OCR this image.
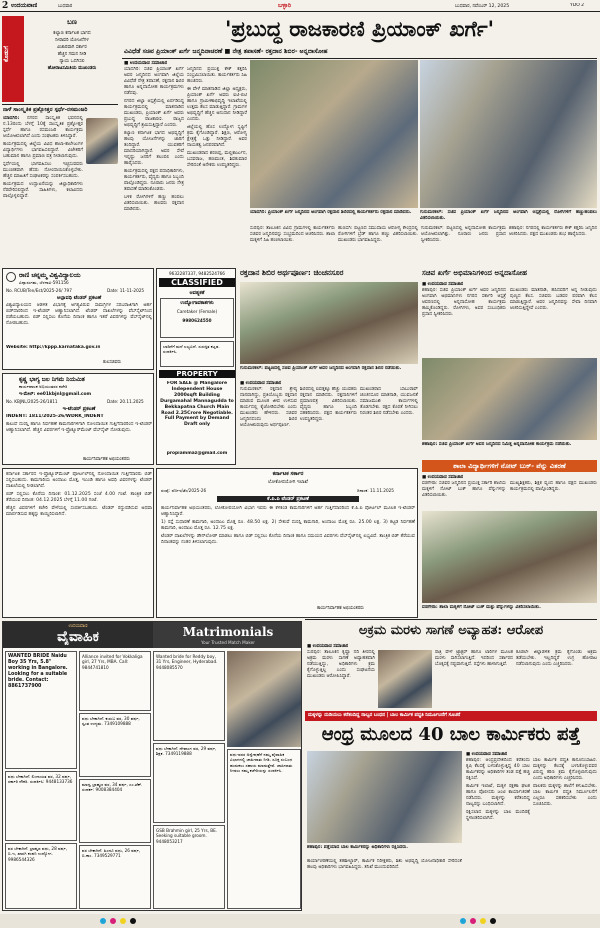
2 ಉದಯವಾಣಿ	ಬುಧವಾರ	ಬಳ್ಳಾರಿ	ಬುಧವಾರ, ನವೆಂಬರ್ 12, 2025	YDO 2
ಕೊಡುಗೆ
ಬಣ
ಕಲ್ಯಾಣ ಕರ್ನಾಟಕ ಭಾಗದ
ನೀರಾವರಿ ಯೋಜನೆಗಳ
ವಿಚಾರವಾಗಿ ಸರ್ಕಾರ
ಹೆಚ್ಚಿನ ಗಮನ ನೀಡಿ
ನ್ಯಾಯ ಒದಗಿಸಲಿ
ಹೋರಾಟಸಮಿತಿಯ ಮುಖಂಡರು
'ಪ್ರಬುದ್ಧ ರಾಜಕಾರಣಿ ಪ್ರಿಯಾಂಕ್ ಖರ್ಗೆ'
ವಿವಿಧೆಡೆ ಸಚಿವ ಪ್ರಿಯಾಂಕ್ ಖರ್ಗೆ ಜನ್ಮದಿನಾಚರಣೆ ■ ನೇತ್ರ ತಪಾಸಣೆ- ರಕ್ತದಾನ ಶಿಬಿರ- ಅನ್ನದಾಸೋಹ
■ ಉದಯವಾಣಿ ಸಮಾಚಾರ

ಯಾದಗಿರಿ: ಸಚಿವ ಪ್ರಿಯಾಂಕ್ ಖರ್ಗೆ ಅವರ ಜನ್ಮದಿನದ ಅಂಗವಾಗಿ ಜಿಲ್ಲೆಯ ವಿವಿಧೆಡೆ ನೇತ್ರ ತಪಾಸಣೆ, ರಕ್ತದಾನ ಶಿಬಿರ ಹಾಗೂ ಅನ್ನದಾಸೋಹ ಕಾರ್ಯಕ್ರಮಗಳು ನಡೆದವು.

ನಗರದ ಜಿಲ್ಲಾ ಆಸ್ಪತ್ರೆಯಲ್ಲಿ ಏರ್ಪಡಿಸಿದ್ದ ಕಾರ್ಯಕ್ರಮದಲ್ಲಿ ಮಾತನಾಡಿದ ಮುಖಂಡರು, ಪ್ರಿಯಾಂಕ್ ಖರ್ಗೆ ಅವರು ಪ್ರಬುದ್ಧ ರಾಜಕಾರಣಿ. ರಾಜ್ಯದ ಅಭಿವೃದ್ಧಿಗೆ ಶ್ರಮಿಸುತ್ತಿದ್ದಾರೆ ಎಂದರು.

ಕಲ್ಯಾಣ ಕರ್ನಾಟಕ ಭಾಗದ ಅಭಿವೃದ್ಧಿಗೆ ಹಲವು ಯೋಜನೆಗಳನ್ನು ಜಾರಿಗೆ ತಂದಿದ್ದಾರೆ. ಯುವಕರಿಗೆ ಮಾದರಿಯಾಗಿದ್ದಾರೆ. ಅವರ ಸೇವೆ ಇನ್ನಷ್ಟು ಜನರಿಗೆ ತಲುಪಲಿ ಎಂದು ಹಾರೈಸಿದರು.

ಕಾರ್ಯಕ್ರಮದಲ್ಲಿ ಪಕ್ಷದ ಪದಾಧಿಕಾರಿಗಳು, ಕಾರ್ಯಕರ್ತರು, ವೈದ್ಯರು ಹಾಗೂ ಸಿಬ್ಬಂದಿ ಪಾಲ್ಗೊಂಡಿದ್ದರು. ನೂರಾರು ಜನರು ನೇತ್ರ ತಪಾಸಣೆ ಮಾಡಿಸಿಕೊಂಡರು.

ಬಳಿಕ ರೋಗಿಗಳಿಗೆ ಹಣ್ಣು ಹಂಪಲು ವಿತರಿಸಲಾಯಿತು. ಹಲವರು ರಕ್ತದಾನ ಮಾಡಿದರು.

ಜನ್ಮದಿನದ ಪ್ರಯುಕ್ತ ಕೇಕ್ ಕತ್ತರಿಸಿ ಸಂಭ್ರಮಿಸಲಾಯಿತು. ಕಾರ್ಯಕರ್ತರು ಸಿಹಿ ಹಂಚಿದರು.

ಈ ವೇಳೆ ಮಾತನಾಡಿದ ಜಿಲ್ಲಾ ಅಧ್ಯಕ್ಷರು, ಪ್ರಿಯಾಂಕ್ ಖರ್ಗೆ ಅವರು ಐಟಿ-ಬಿಟಿ ಹಾಗೂ ಗ್ರಾಮೀಣಾಭಿವೃದ್ಧಿ ಇಲಾಖೆಯಲ್ಲಿ ಉತ್ತಮ ಕೆಲಸ ಮಾಡುತ್ತಿದ್ದಾರೆ. ಗ್ರಾಮಗಳ ಅಭಿವೃದ್ಧಿಗೆ ಹೆಚ್ಚಿನ ಅನುದಾನ ನೀಡಿದ್ದಾರೆ ಎಂದರು.

ಜಿಲ್ಲೆಯಲ್ಲಿ ಹೊಸ ಉದ್ಯೋಗ ಸೃಷ್ಟಿಗೆ ಕ್ರಮ ಕೈಗೊಂಡಿದ್ದಾರೆ. ಶಿಕ್ಷಣ, ಆರೋಗ್ಯ ಕ್ಷೇತ್ರಕ್ಕೆ ಒತ್ತು ನೀಡಿದ್ದಾರೆ. ಅವರ ನಾಯಕತ್ವ ಜನಪರವಾಗಿದೆ.

ಮುಖಂಡರಾದ ಶರಣಪ್ಪ, ಮಲ್ಲಿಕಾರ್ಜುನ, ಬಸವರಾಜ, ಹಣಮಂತ, ಶಿವಕುಮಾರ ಸೇರಿದಂತೆ ಅನೇಕರು ಉಪಸ್ಥಿತರಿದ್ದರು.

ಯಾದಗಿರಿ: ಪ್ರಿಯಾಂಕ್ ಖರ್ಗೆ ಜನ್ಮದಿನದ ಅಂಗವಾಗಿ ರಕ್ತದಾನ ಶಿಬಿರದಲ್ಲಿ ಕಾರ್ಯಕರ್ತರು ರಕ್ತದಾನ ಮಾಡಿದರು.	ಗುರುಮಠಕಲ್: ಸಚಿವ ಪ್ರಿಯಾಂಕ್ ಖರ್ಗೆ ಜನ್ಮದಿನದ ಅಂಗವಾಗಿ ಆಸ್ಪತ್ರೆಯಲ್ಲಿ ರೋಗಿಗಳಿಗೆ ಹಣ್ಣುಹಂಪಲು ವಿತರಿಸಲಾಯಿತು.

ಸುರಪುರ: ತಾಲೂಕಿನ ವಿವಿಧ ಗ್ರಾಮಗಳಲ್ಲಿ ಕಾರ್ಯಕರ್ತರು ಸಚಿವರ ಜನ್ಮದಿನವನ್ನು ಸಂಭ್ರಮದಿಂದ ಆಚರಿಸಿದರು. ಶಾಲಾ ಮಕ್ಕಳಿಗೆ ಸಿಹಿ ಹಂಚಲಾಯಿತು.

ಹುಣಸಗಿ: ಪಟ್ಟಣದ ಸಮುದಾಯ ಆರೋಗ್ಯ ಕೇಂದ್ರದಲ್ಲಿ ರೋಗಿಗಳಿಗೆ ಬ್ರೆಡ್ ಹಾಗೂ ಹಣ್ಣು ವಿತರಿಸಲಾಯಿತು. ಮುಖಂಡರು ಭಾಗವಹಿಸಿದ್ದರು.

ಗುರುಮಠಕಲ್: ಪಟ್ಟಣದಲ್ಲಿ ಅನ್ನದಾಸೋಹ ಕಾರ್ಯಕ್ರಮ ಆಯೋಜಿಸಲಾಗಿತ್ತು. ನೂರಾರು ಜನರು ಪ್ರಸಾದ ಸ್ವೀಕರಿಸಿದರು.

ಶಹಾಪುರ: ನಗರದಲ್ಲಿ ಕಾರ್ಯಕರ್ತರು ಕೇಕ್ ಕತ್ತರಿಸಿ ಜನ್ಮದಿನ ಆಚರಿಸಿದರು. ಪಕ್ಷದ ಮುಖಂಡರು ಶುಭ ಹಾರೈಸಿದರು.

ನಾಳೆ ಸಾಂಸ್ಕೃತಿಕ ಪ್ರಶ್ನೋತ್ತರ ಸ್ಪರ್ಧೆ-ರಸಮಂಜರಿ

ಯಾದಗಿರಿ: ನಗರದ ಸಾಂಸ್ಕೃತಿಕ ಭವನದಲ್ಲಿ ನ.13ರಂದು ಬೆಳಗ್ಗೆ 10ಕ್ಕೆ ಸಾಂಸ್ಕೃತಿಕ ಪ್ರಶ್ನೋತ್ತರ ಸ್ಪರ್ಧೆ ಹಾಗೂ ರಸಮಂಜರಿ ಕಾರ್ಯಕ್ರಮ ಆಯೋಜಿಸಲಾಗಿದೆ ಎಂದು ಸಂಘಟಕರು ತಿಳಿಸಿದ್ದಾರೆ.

ಕಾರ್ಯಕ್ರಮದಲ್ಲಿ ಜಿಲ್ಲೆಯ ವಿವಿಧ ಶಾಲಾ-ಕಾಲೇಜುಗಳ ವಿದ್ಯಾರ್ಥಿಗಳು ಭಾಗವಹಿಸಲಿದ್ದಾರೆ. ವಿಜೇತರಿಗೆ ಬಹುಮಾನ ಹಾಗೂ ಪ್ರಮಾಣ ಪತ್ರ ನೀಡಲಾಗುವುದು.

ಸ್ಪರ್ಧೆಯಲ್ಲಿ ಭಾಗವಹಿಸಲು ಇಚ್ಛಿಸುವವರು ಮುಂಚಿತವಾಗಿ ಹೆಸರು ನೋಂದಾಯಿಸಿಕೊಳ್ಳಬೇಕು. ಹೆಚ್ಚಿನ ಮಾಹಿತಿಗೆ ಸಂಘಟಕರನ್ನು ಸಂಪರ್ಕಿಸಬಹುದು.

ಕಾರ್ಯಕ್ರಮದ ಉದ್ಘಾಟನೆಯನ್ನು ಜಿಲ್ಲಾಧಿಕಾರಿಗಳು ನೆರವೇರಿಸಲಿದ್ದಾರೆ. ಸಾಹಿತಿಗಳು, ಕಲಾವಿದರು ಪಾಲ್ಗೊಳ್ಳಲಿದ್ದಾರೆ.

ರಾಣಿ ಚನ್ನಮ್ಮ ವಿಶ್ವವಿದ್ಯಾಲಯ
ವಿದ್ಯಾಸಂಗಮ, ಬೆಳಗಾವಿ-591156
No. RCUB/Ten/Est/2025-26/ 797	Date: 11-11-2025
ಅಲ್ಪಾವಧಿ ಟೆಂಡರ್ ಪ್ರಕಟಣೆ
ವಿಶ್ವವಿದ್ಯಾಲಯದ ಆಡಳಿತ ವಿಭಾಗಕ್ಕೆ ಅಗತ್ಯವಿರುವ ಸಾಮಗ್ರಿಗಳ ಸರಬರಾಜಿಗಾಗಿ ಅರ್ಹ ಬಿಡ್‌ದಾರರಿಂದ ಇ-ಟೆಂಡರ್ ಆಹ್ವಾನಿಸಲಾಗಿದೆ. ಟೆಂಡರ್ ದಾಖಲೆಗಳನ್ನು ವೆಬ್‌ಸೈಟ್‌ನಿಂದ ಪಡೆಯಬಹುದು. ಬಿಡ್ ಸಲ್ಲಿಸಲು ಕೊನೆಯ ದಿನಾಂಕ ಹಾಗೂ ಇತರೆ ವಿವರಗಳನ್ನು ವೆಬ್‌ಸೈಟ್‌ನಲ್ಲಿ ನೋಡಬಹುದು.
Website: http://kppp.karnataka.gov.in
ಕುಲಸಚಿವರು
ಕೃಷ್ಣ ಭಾಗ್ಯ ಜಲ ನಿಗಮ ನಿಯಮಿತ
ಕಾರ್ಯಪಾಲಕ ಅಭಿಯಂತರರ ಕಚೇರಿ
ಇ-ಮೇಲ್: ee01kbjnl@gmail.com
No. KBJNL/2025-26/1811	Date: 20.11.2025
ಇ-ಟೆಂಡರ್ ಪ್ರಕಟಣೆ
INDENT: 1811/2025-26/WDRK_INDENT
ಕಾಲುವೆ ದುರಸ್ತಿ ಹಾಗೂ ನಿರ್ವಹಣೆ ಕಾಮಗಾರಿಗಳಿಗಾಗಿ ನೋಂದಾಯಿತ ಗುತ್ತಿಗೆದಾರರಿಂದ ಇ-ಟೆಂಡರ್ ಆಹ್ವಾನಿಸಲಾಗಿದೆ. ಹೆಚ್ಚಿನ ವಿವರಗಳಿಗೆ ಇ-ಪ್ರೊಕ್ಯೂರ್‌ಮೆಂಟ್ ವೆಬ್‌ಸೈಟ್ ನೋಡುವುದು.
ಕಾರ್ಯನಿರ್ವಾಹಕ ಅಭಿಯಂತರರು
9632287337, 9482524766
CLASSIFIED
ಅವಶ್ಯಕತೆ
ಉದ್ಯೋಗಾವಕಾಶಗಳು
Caretaker (Female)
9980624550
ಬಾಡಿಗೆಗೆ ಮನೆ ಲಭ್ಯವಿದೆ. ಸುಸಜ್ಜಿತ ಕಟ್ಟಡ. ಸಂಪರ್ಕಿಸಿ.
PROPERTY
FOR SALE @ Mangalore Independent House 2000sqft Building Durgamahal Mannagudda to Bekkapatna Church Main Road 2.25Crore Negotiable. Full Payment by Demand Draft only
propiammaz@gmail.com
ರಕ್ತದಾನ ಶಿಬಿರ ಅರ್ಥಪೂರ್ಣ: ಚಿಂಚನಸೂರ
ಗುರುಮಠಕಲ್: ಪಟ್ಟಣದಲ್ಲಿ ಸಚಿವ ಪ್ರಿಯಾಂಕ್ ಖರ್ಗೆ ಅವರ ಜನ್ಮದಿನದ ಅಂಗವಾಗಿ ರಕ್ತದಾನ ಶಿಬಿರ ನಡೆಯಿತು.
■ ಉದಯವಾಣಿ ಸಮಾಚಾರ
ಗುರುಮಠಕಲ್: ರಕ್ತದಾನ ಶ್ರೇಷ್ಠ ದಾನವಾಗಿದ್ದು, ಪ್ರತಿಯೊಬ್ಬರು ರಕ್ತದಾನ ಮಾಡುವ ಮೂಲಕ ಜೀವ ಉಳಿಸುವ ಕಾರ್ಯದಲ್ಲಿ ಕೈಜೋಡಿಸಬೇಕು ಎಂದು ಮುಖಂಡರು ಹೇಳಿದರು. ಸಚಿವರ ಜನ್ಮದಿನದಂದು ಶಿಬಿರ ಆಯೋಜಿಸಿರುವುದು ಅರ್ಥಪೂರ್ಣ.
ಶಿಬಿರದಲ್ಲಿ ಐವತ್ತಕ್ಕೂ ಹೆಚ್ಚು ಯುವಕರು ರಕ್ತದಾನ ಮಾಡಿದರು. ರಕ್ತದಾನಿಗಳಿಗೆ ಪ್ರಮಾಣಪತ್ರ ವಿತರಿಸಲಾಯಿತು. ವೈದ್ಯರು ಹಾಗೂ ಸಿಬ್ಬಂದಿ ಸಹಕರಿಸಿದರು. ಪಕ್ಷದ ಕಾರ್ಯಕರ್ತರು ಉಪಸ್ಥಿತರಿದ್ದರು.
ಮುಖಂಡರಾದ ಬಾಬುರಾವ್ ಚಿಂಚನಸೂರ ಮಾತನಾಡಿ, ಯುವಜನತೆ ಸಮಾಜಮುಖಿ ಕಾರ್ಯಗಳಲ್ಲಿ ತೊಡಗಬೇಕು. ರಕ್ತದ ಕೊರತೆ ನೀಗಿಸಲು ನಿರಂತರ ಶಿಬಿರ ನಡೆಸಬೇಕು ಎಂದರು.
ಸಚಿವ ಖರ್ಗೆ ಅಭಿಮಾನಿಗಳಿಂದ ಅನ್ನದಾಸೋಹ
■ ಉದಯವಾಣಿ ಸಮಾಚಾರ
ಶಹಾಪುರ: ಸಚಿವ ಪ್ರಿಯಾಂಕ್ ಖರ್ಗೆ ಅವರ ಜನ್ಮದಿನದ ಅಂಗವಾಗಿ ಅಭಿಮಾನಿಗಳು ನಗರದ ಸರ್ಕಾರಿ ಆಸ್ಪತ್ರೆ ಆವರಣದಲ್ಲಿ ಅನ್ನದಾಸೋಹ ಕಾರ್ಯಕ್ರಮ ಹಮ್ಮಿಕೊಂಡಿದ್ದರು. ರೋಗಿಗಳು, ಅವರ ಸಂಬಂಧಿಕರು ಪ್ರಸಾದ ಸ್ವೀಕರಿಸಿದರು.
ಮುಖಂಡರು ಮಾತನಾಡಿ, ಹಸಿದವರಿಗೆ ಅನ್ನ ನೀಡುವುದು ಪುಣ್ಯದ ಕೆಲಸ. ಸಚಿವರು ಬಡವರ ಪರವಾಗಿ ಕೆಲಸ ಮಾಡುತ್ತಿದ್ದಾರೆ. ಅವರ ಜನ್ಮದಿನವನ್ನು ಸೇವಾ ದಿನವಾಗಿ ಆಚರಿಸುತ್ತಿದ್ದೇವೆ ಎಂದರು.
ಶಹಾಪುರ: ಸಚಿವ ಪ್ರಿಯಾಂಕ್ ಖರ್ಗೆ ಅವರ ಜನ್ಮದಿನದ ನಿಮಿತ್ತ ಅನ್ನದಾಸೋಹ ಕಾರ್ಯಕ್ರಮ ನಡೆಯಿತು.
ಕರ್ನಾಟಕ ಸರ್ಕಾರ
ಲೋಕೋಪಯೋಗಿ ಇಲಾಖೆ
ಸಂಖ್ಯೆ: ಲೋಇ/ಟೆಂ/2025-26	ದಿನಾಂಕ: 11.11.2025
ಕೆ.ಪಿ.ಪಿ ಟೆಂಡರ್ ಪ್ರಕಟಣೆ

ಕಾರ್ಯನಿರ್ವಾಹಕ ಅಭಿಯಂತರರು, ಲೋಕೋಪಯೋಗಿ ವಿಭಾಗ ಇವರು ಈ ಕೆಳಕಂಡ ಕಾಮಗಾರಿಗಳಿಗೆ ಅರ್ಹ ಗುತ್ತಿಗೆದಾರರಿಂದ ಕೆ.ಪಿ.ಪಿ ಪೋರ್ಟಲ್ ಮೂಲಕ ಇ-ಟೆಂಡರ್ ಆಹ್ವಾನಿಸಿದ್ದಾರೆ.

1) ರಸ್ತೆ ಸುಧಾರಣೆ ಕಾಮಗಾರಿ, ಅಂದಾಜು ಮೊತ್ತ ರೂ. 48.50 ಲಕ್ಷ. 2) ಸೇತುವೆ ದುರಸ್ತಿ ಕಾಮಗಾರಿ, ಅಂದಾಜು ಮೊತ್ತ ರೂ. 25.00 ಲಕ್ಷ. 3) ಕಟ್ಟಡ ನಿರ್ವಹಣೆ ಕಾಮಗಾರಿ, ಅಂದಾಜು ಮೊತ್ತ ರೂ. 12.75 ಲಕ್ಷ.

ಟೆಂಡರ್ ದಾಖಲೆಗಳನ್ನು ಡೌನ್‌ಲೋಡ್ ಮಾಡಲು ಹಾಗೂ ಬಿಡ್ ಸಲ್ಲಿಸಲು ಕೊನೆಯ ದಿನಾಂಕ ಹಾಗೂ ಸಮಯದ ವಿವರಗಳು ವೆಬ್‌ಸೈಟ್‌ನಲ್ಲಿ ಲಭ್ಯವಿವೆ. ತಾಂತ್ರಿಕ ಬಿಡ್ ತೆರೆಯುವ ದಿನಾಂಕವನ್ನು ನಂತರ ತಿಳಿಸಲಾಗುವುದು.

ಕಾರ್ಯನಿರ್ವಾಹಕ ಅಭಿಯಂತರರು

ಕರ್ನಾಟಕ ಸರ್ಕಾರದ ಇ-ಪ್ರೊಕ್ಯೂರ್‌ಮೆಂಟ್ ಪೋರ್ಟಲ್‌ನಲ್ಲಿ ನೋಂದಾಯಿತ ಗುತ್ತಿಗೆದಾರರು ಬಿಡ್ ಸಲ್ಲಿಸಬಹುದು. ಕಾಮಗಾರಿಯ ಅಂದಾಜು ಮೊತ್ತ, ಇಎಂಡಿ ಹಾಗೂ ಅವಧಿ ವಿವರಗಳನ್ನು ಟೆಂಡರ್ ದಾಖಲೆಯಲ್ಲಿ ನೀಡಲಾಗಿದೆ.

ಬಿಡ್ ಸಲ್ಲಿಸಲು ಕೊನೆಯ ದಿನಾಂಕ: 01.12.2025 ಸಂಜೆ 4.00 ಗಂಟೆ. ತಾಂತ್ರಿಕ ಬಿಡ್ ತೆರೆಯುವ ದಿನಾಂಕ: 04.12.2025 ಬೆಳಗ್ಗೆ 11.00 ಗಂಟೆ.

ಹೆಚ್ಚಿನ ವಿವರಗಳಿಗೆ ಕಚೇರಿ ವೇಳೆಯಲ್ಲಿ ಸಂಪರ್ಕಿಸಬಹುದು. ಟೆಂಡರ್ ರದ್ದುಪಡಿಸುವ ಅಥವಾ ಮಾರ್ಪಡಿಸುವ ಹಕ್ಕನ್ನು ಕಾಯ್ದಿರಿಸಲಾಗಿದೆ.

ಶಾಲಾ ವಿದ್ಯಾರ್ಥಿಗಳಿಗೆ ನೋಟ್ ಬುಕ್- ಪೆನ್ನು ವಿತರಣೆ
■ ಉದಯವಾಣಿ ಸಮಾಚಾರ
ವಡಗೇರಾ: ಸಚಿವರ ಜನ್ಮದಿನದ ಪ್ರಯುಕ್ತ ಸರ್ಕಾರಿ ಶಾಲೆಯ ಮಕ್ಕಳಿಗೆ ನೋಟ್ ಬುಕ್ ಹಾಗೂ ಪೆನ್ನುಗಳನ್ನು ವಿತರಿಸಲಾಯಿತು.
ಮುಖ್ಯಶಿಕ್ಷಕರು, ಶಿಕ್ಷಕ ವೃಂದ ಹಾಗೂ ಪಕ್ಷದ ಮುಖಂಡರು ಕಾರ್ಯಕ್ರಮದಲ್ಲಿ ಪಾಲ್ಗೊಂಡಿದ್ದರು.
ವಡಗೇರಾ: ಶಾಲಾ ಮಕ್ಕಳಿಗೆ ನೋಟ್ ಬುಕ್ ಮತ್ತು ಪೆನ್ನುಗಳನ್ನು ವಿತರಿಸಲಾಯಿತು.
ಅಕ್ರಮ ಮರಳು ಸಾಗಣೆ ಅವ್ಯಾಹತ: ಆರೋಪ
■ ಉದಯವಾಣಿ ಸಮಾಚಾರ
ಸುರಪುರ: ತಾಲೂಕಿನ ಕೃಷ್ಣಾ ನದಿ ತೀರದಲ್ಲಿ ಅಕ್ರಮ ಮರಳು ಸಾಗಣೆ ಅವ್ಯಾಹತವಾಗಿ ನಡೆಯುತ್ತಿದ್ದು, ಅಧಿಕಾರಿಗಳು ಕ್ರಮ ಕೈಗೊಳ್ಳುತ್ತಿಲ್ಲ ಎಂದು ಸಂಘಟನೆಯ ಮುಖಂಡರು ಆರೋಪಿಸಿದ್ದಾರೆ.
ರಾತ್ರಿ ವೇಳೆ ಟ್ರ್ಯಾಕ್ಟರ್ ಹಾಗೂ ಲಾರಿಗಳ ಮೂಲಕ ಮರಳು ಸಾಗಿಸಲಾಗುತ್ತಿದೆ. ಇದರಿಂದ ಸರ್ಕಾರದ ಬೊಕ್ಕಸಕ್ಕೆ ನಷ್ಟವಾಗುತ್ತಿದೆ. ರಸ್ತೆಗಳು ಹಾಳಾಗುತ್ತಿವೆ.
ಕೂಡಲೇ ಜಿಲ್ಲಾಡಳಿತ ಕ್ರಮ ಕೈಗೊಂಡು ಅಕ್ರಮ ತಡೆಯಬೇಕು. ಇಲ್ಲದಿದ್ದರೆ ಉಗ್ರ ಹೋರಾಟ ನಡೆಸಲಾಗುವುದು ಎಂದು ಎಚ್ಚರಿಸಿದರು.
ಮಕ್ಕಳನ್ನು ದುಡಿಯಲು ಕರೆತಂದಿದ್ದ ನಾಲ್ವರ ಬಂಧನ | ಬಾಲ ಕಾರ್ಮಿಕ ಪದ್ಧತಿ ನಿರ್ಮೂಲನೆಗೆ ಸೂಚನೆ
ಆಂಧ್ರ ಮೂಲದ 40 ಬಾಲ ಕಾರ್ಮಿಕರು ಪತ್ತೆ
ಶಹಾಪುರ: ಪತ್ತೆಯಾದ ಬಾಲ ಕಾರ್ಮಿಕರನ್ನು ಅಧಿಕಾರಿಗಳು ರಕ್ಷಿಸಿದರು.
■ ಉದಯವಾಣಿ ಸಮಾಚಾರ

ಶಹಾಪುರ: ಆಂಧ್ರಪ್ರದೇಶದಿಂದ ಕರೆತಂದು ಕೃಷಿ ಕೆಲಸಕ್ಕೆ ಬಳಸಿಕೊಳ್ಳುತ್ತಿದ್ದ 40 ಬಾಲ ಕಾರ್ಮಿಕರನ್ನು ಅಧಿಕಾರಿಗಳ ತಂಡ ಪತ್ತೆ ಹಚ್ಚಿ ರಕ್ಷಿಸಿದೆ.

ಕಾರ್ಮಿಕ ಇಲಾಖೆ, ಮಕ್ಕಳ ರಕ್ಷಣಾ ಘಟಕ ಹಾಗೂ ಪೊಲೀಸರು ಜಂಟಿ ಕಾರ್ಯಾಚರಣೆ ನಡೆಸಿದರು. ಮಕ್ಕಳನ್ನು ಕರೆತಂದಿದ್ದ ನಾಲ್ವರನ್ನು ಬಂಧಿಸಲಾಗಿದೆ.

ರಕ್ಷಿಸಲಾದ ಮಕ್ಕಳನ್ನು ಬಾಲ ಮಂದಿರಕ್ಕೆ ಸ್ಥಳಾಂತರಿಸಲಾಗಿದೆ.

ಬಾಲ ಕಾರ್ಮಿಕ ಪದ್ಧತಿ ಕಾನೂನುಬಾಹಿರ. ಮಕ್ಕಳನ್ನು ಕೆಲಸಕ್ಕೆ ಬಳಸಿಕೊಳ್ಳುವವರ ವಿರುದ್ಧ ಕಠಿಣ ಕ್ರಮ ಕೈಗೊಳ್ಳಲಾಗುವುದು ಎಂದು ಅಧಿಕಾರಿಗಳು ಎಚ್ಚರಿಸಿದರು.

ಪಾಲಕರು ಮಕ್ಕಳನ್ನು ಶಾಲೆಗೆ ಕಳುಹಿಸಬೇಕು. ಬಾಲ ಕಾರ್ಮಿಕ ಪದ್ಧತಿ ನಿರ್ಮೂಲನೆಗೆ ಎಲ್ಲರೂ ಸಹಕರಿಸಬೇಕು ಎಂದು ಸೂಚಿಸಿದರು.

ಕಾರ್ಯಾಚರಣೆಯಲ್ಲಿ ತಹಶೀಲ್ದಾರ್, ಕಾರ್ಮಿಕ ನಿರೀಕ್ಷಕರು, ಶಿಶು ಅಭಿವೃದ್ಧಿ ಯೋಜನಾಧಿಕಾರಿ ಸೇರಿದಂತೆ ಹಲವು ಅಧಿಕಾರಿಗಳು ಭಾಗವಹಿಸಿದ್ದರು. ತನಿಖೆ ಮುಂದುವರಿದಿದೆ.
ಉದಯವಾಣಿ
ವೈವಾಹಿಕ	Matrimonials
Your Trusted Match Maker
WANTED BRIDE Naidu Boy 35 Yrs, 5.8" working in Bangalore. Looking for a suitable bride. Contact: 8861737900
ವಧು ಬೇಕಾಗಿದೆ: ಲಿಂಗಾಯತ ವರ, 32 ವರ್ಷ, ಸರ್ಕಾರಿ ನೌಕರಿ. ಸಂಪರ್ಕಿಸಿ: 9448133736
ವರ ಬೇಕಾಗಿದೆ: ಬ್ರಾಹ್ಮಣ ವಧು, 28 ವರ್ಷ, ಬಿ.ಇ, ಖಾಸಗಿ ಕಂಪನಿ ಉದ್ಯೋಗ. 9986544326
Alliance invited for Vokkaliga girl, 27 Yrs, MBA. Call: 9844741810
ವಧು ಬೇಕಾಗಿದೆ: ಕುರುಬ ವರ, 30 ವರ್ಷ, ಸ್ವಂತ ಉದ್ಯಮ. 7349109888
ಮಾಧ್ವ ಬ್ರಾಹ್ಮಣ ವರ, 34 ವರ್ಷ, ಎಂ.ಟೆಕ್. ಸಂಪರ್ಕ: 9008384404
ವರ ಬೇಕಾಗಿದೆ: ಹಿಂದೂ ವಧು, 26 ವರ್ಷ, ಬಿ.ಕಾಂ. 7349529771
Wanted bride for Reddy boy, 31 Yrs, Engineer, Hyderabad. 9448085570
ವಧು ಬೇಕಾಗಿದೆ: ದೇವಾಂಗ ವರ, 29 ವರ್ಷ, ಶಿಕ್ಷಕ. 7349119888
GSB Brahmin girl, 25 Yrs, BE. Seeking suitable groom. 9448053217
ವಧು-ವರರ ಅನ್ವೇಷಣೆಗೆ ನಮ್ಮ ವೈವಾಹಿಕ ವಿಭಾಗದಲ್ಲಿ ಜಾಹೀರಾತು ನೀಡಿ. ಸೂಕ್ತ ಸಂಬಂಧ ಹುಡುಕಲು ಸಹಾಯ ಮಾಡುತ್ತೇವೆ. ಜಾಹೀರಾತು ನೀಡಲು ನಮ್ಮ ಕಚೇರಿಯನ್ನು ಸಂಪರ್ಕಿಸಿ.
